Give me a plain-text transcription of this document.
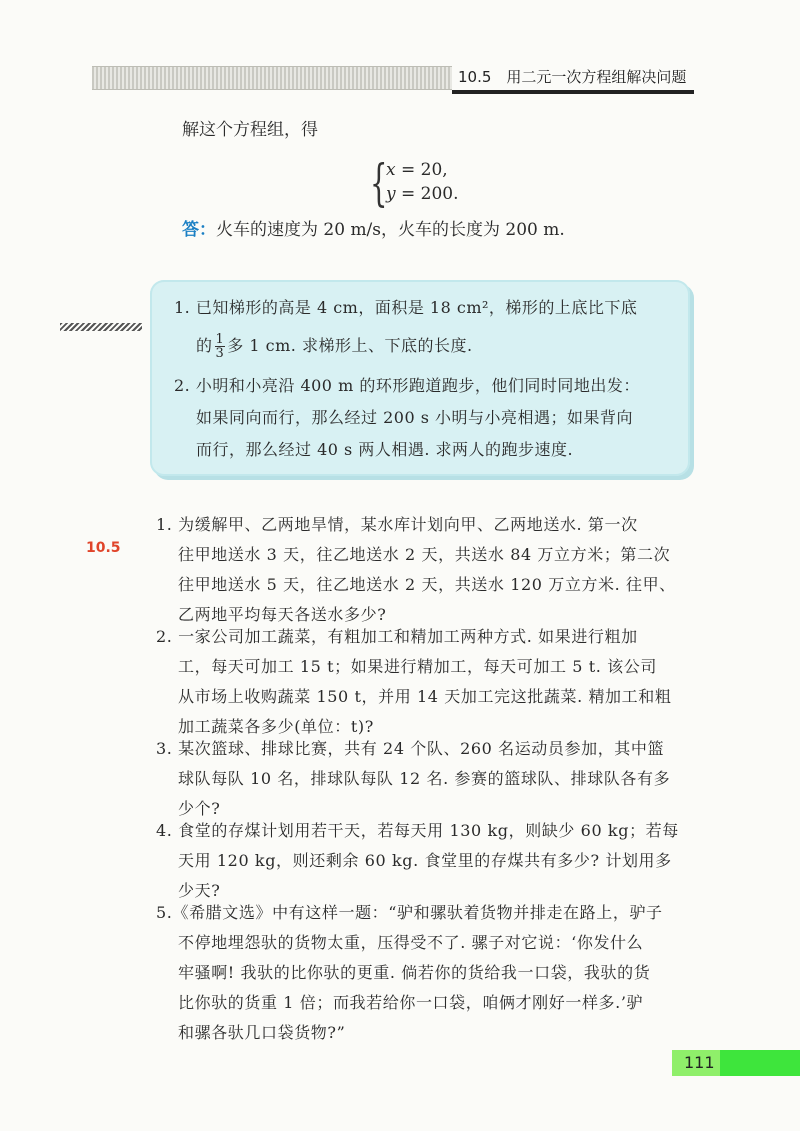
10.5　用二元一次方程组解决问题
解这个方程组，得
{
x = 20,
y = 200.
答：火车的速度为 20 m/s，火车的长度为 200 m.
1. 已知梯形的高是 4 cm，面积是 18 cm²，梯形的上底比下底
的 $\frac{1}{3}$ 多 1 cm. 求梯形上、下底的长度.
2. 小明和小亮沿 400 m 的环形跑道跑步，他们同时同地出发：
如果同向而行，那么经过 200 s 小明与小亮相遇；如果背向
而行，那么经过 40 s 两人相遇. 求两人的跑步速度.
10.5
1. 为缓解甲、乙两地旱情，某水库计划向甲、乙两地送水. 第一次
往甲地送水 3 天，往乙地送水 2 天，共送水 84 万立方米；第二次
往甲地送水 5 天，往乙地送水 2 天，共送水 120 万立方米. 往甲、
乙两地平均每天各送水多少?
2. 一家公司加工蔬菜，有粗加工和精加工两种方式. 如果进行粗加
工，每天可加工 15 t；如果进行精加工，每天可加工 5 t. 该公司
从市场上收购蔬菜 150 t，并用 14 天加工完这批蔬菜. 精加工和粗
加工蔬菜各多少(单位：t)?
3. 某次篮球、排球比赛，共有 24 个队、260 名运动员参加，其中篮
球队每队 10 名，排球队每队 12 名. 参赛的篮球队、排球队各有多
少个?
4. 食堂的存煤计划用若干天，若每天用 130 kg，则缺少 60 kg；若每
天用 120 kg，则还剩余 60 kg. 食堂里的存煤共有多少? 计划用多
少天?
5.《希腊文选》中有这样一题：“驴和骡驮着货物并排走在路上，驴子
不停地埋怨驮的货物太重，压得受不了. 骡子对它说：‘你发什么
牢骚啊! 我驮的比你驮的更重. 倘若你的货给我一口袋，我驮的货
比你驮的货重 1 倍；而我若给你一口袋，咱俩才刚好一样多.’驴
和骡各驮几口袋货物?”
111
